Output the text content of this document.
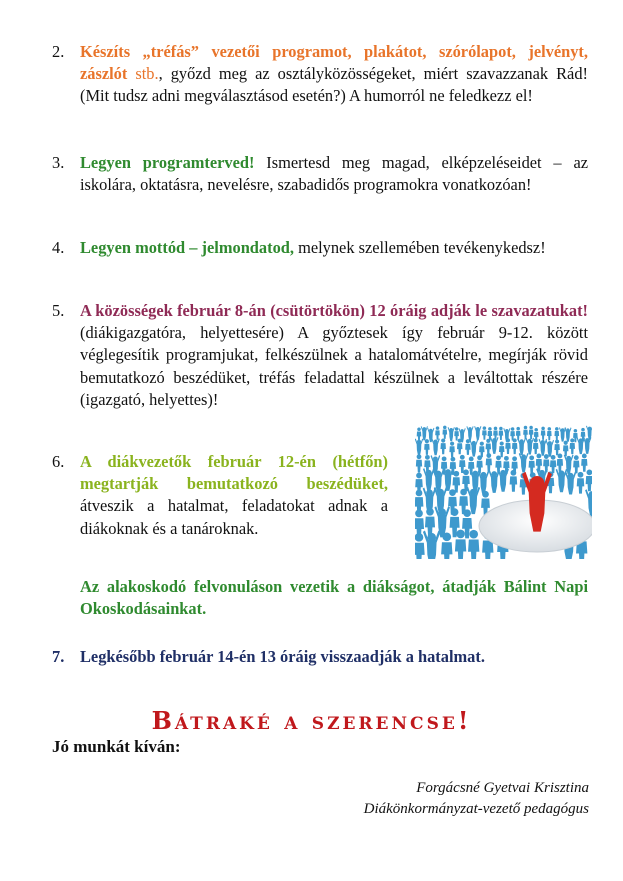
2. Készíts „tréfás” vezetői programot, plakátot, szórólapot, jelvényt, zászlót stb., győzd meg az osztályközösségeket, miért szavazzanak Rád! (Mit tudsz adni megválasztásod esetén?) A humorról ne feledkezz el!
3. Legyen programterved! Ismertesd meg magad, elképzeléseidet – az iskolára, oktatásra, nevelésre, szabadidős programokra vonatkozóan!
4. Legyen mottód – jelmondatod, melynek szellemében tevékenykedsz!
5. A közösségek február 8-án (csütörtökön) 12 óráig adják le szavazatukat! (diákigazgatóra, helyettesére) A győztesek így február 9-12. között véglegesítik programjukat, felkészülnek a hatalomátvételre, megírják rövid bemutatkozó beszédüket, tréfás feladattal készülnek a leváltottak részére (igazgató, helyettes)!
6. A diákvezetők február 12-én (hétfőn) megtartják bemutatkozó beszédüket, átveszik a hatalmat, feladatokat adnak a diákoknak és a tanároknak.
Az alakoskodó felvonuláson vezetik a diákságot, átadják Bálint Napi Okoskodásainkat.
7. Legkésőbb február 14-én 13 óráig visszaadják a hatalmat.
Bátraké a szerencse!
Jó munkát kíván:
Forgácsné Gyetvai Krisztina
Diákönkormányzat-vezető pedagógus
